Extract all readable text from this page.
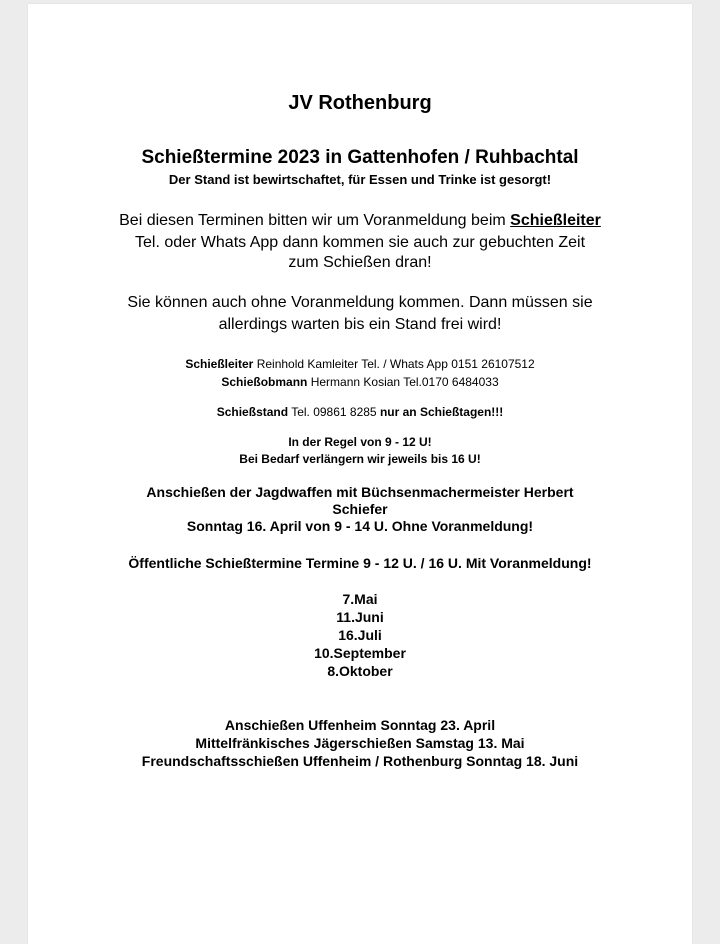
JV Rothenburg
Schießtermine 2023 in Gattenhofen / Ruhbachtal
Der Stand ist bewirtschaftet, für Essen und Trinke ist gesorgt!
Bei diesen Terminen bitten wir um Voranmeldung beim Schießleiter
Tel. oder Whats App dann kommen sie auch zur gebuchten Zeit
zum Schießen dran!
Sie können auch ohne Voranmeldung kommen. Dann müssen sie
allerdings warten bis ein Stand frei wird!
Schießleiter Reinhold Kamleiter Tel. / Whats App 0151 26107512
Schießobmann Hermann Kosian Tel.0170 6484033
Schießstand Tel. 09861 8285 nur an Schießtagen!!!
In der Regel von 9 - 12 U!
Bei Bedarf verlängern wir jeweils bis 16 U!
Anschießen der Jagdwaffen mit Büchsenmachermeister Herbert
Schiefer
Sonntag 16. April von 9 - 14 U. Ohne Voranmeldung!
Öffentliche Schießtermine Termine 9 - 12 U. / 16 U. Mit Voranmeldung!
7.Mai
11.Juni
16.Juli
10.September
8.Oktober
Anschießen Uffenheim Sonntag 23. April
Mittelfränkisches Jägerschießen Samstag 13. Mai
Freundschaftsschießen Uffenheim / Rothenburg Sonntag 18. Juni
